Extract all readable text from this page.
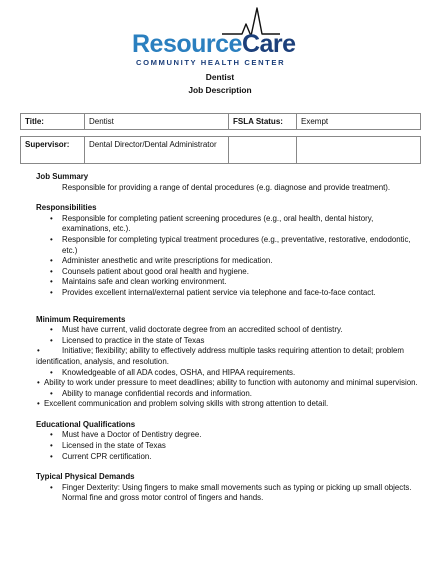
ResourceCare
COMMUNITY HEALTH CENTER
Dentist
Job Description
Title:	Dentist	FSLA Status:	Exempt

Supervisor:	Dental Director/Dental Administrator		
Job Summary
Responsible for providing a range of dental procedures (e.g. diagnose and provide treatment).
Responsibilities
• Responsible for completing patient screening procedures (e.g., oral health, dental history, examinations, etc.).
• Responsible for completing typical treatment procedures (e.g., preventative, restorative, endodontic, etc.)
• Administer anesthetic and write prescriptions for medication.
• Counsels patient about good oral health and hygiene.
• Maintains safe and clean working environment.
• Provides excellent internal/external patient service via telephone and face-to-face contact.
Minimum Requirements
• Must have current, valid doctorate degree from an accredited school of dentistry.
• Licensed to practice in the state of Texas
• Initiative; flexibility; ability to effectively address multiple tasks requiring attention to detail; problem identification, analysis, and resolution.
• Knowledgeable of all ADA codes, OSHA, and HIPAA requirements.
• Ability to work under pressure to meet deadlines; ability to function with autonomy and minimal supervision.
• Ability to manage confidential records and information.
• Excellent communication and problem solving skills with strong attention to detail.
Educational Qualifications
• Must have a Doctor of Dentistry degree.
• Licensed in the state of Texas
• Current CPR certification.
Typical Physical Demands
• Finger Dexterity: Using fingers to make small movements such as typing or picking up small objects. Normal fine and gross motor control of fingers and hands.
